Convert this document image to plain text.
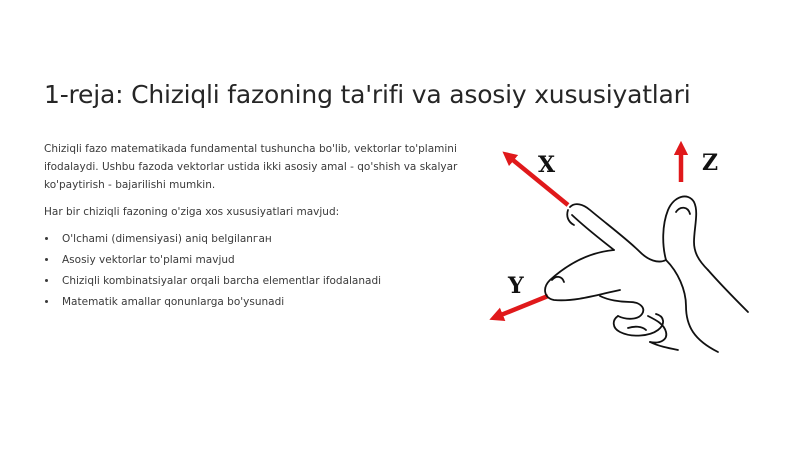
1-reja: Chiziqli fazoning ta'rifi va asosiy xususiyatlari

Chiziqli fazo matematikada fundamental tushuncha bo'lib, vektorlar to'plamini ifodalaydi. Ushbu fazoda vektorlar ustida ikki asosiy amal - qo'shish va skalyar ko'paytirish - bajarilishi mumkin.

Har bir chiziqli fazoning o'ziga xos xususiyatlari mavjud:

O'lchami (dimensiyasi) aniq belgilanган
Asosiy vektorlar to'plami mavjud
Chiziqli kombinatsiyalar orqali barcha elementlar ifodalanadi
Matematik amallar qonunlarga bo'ysunadi
X	Z
Y
